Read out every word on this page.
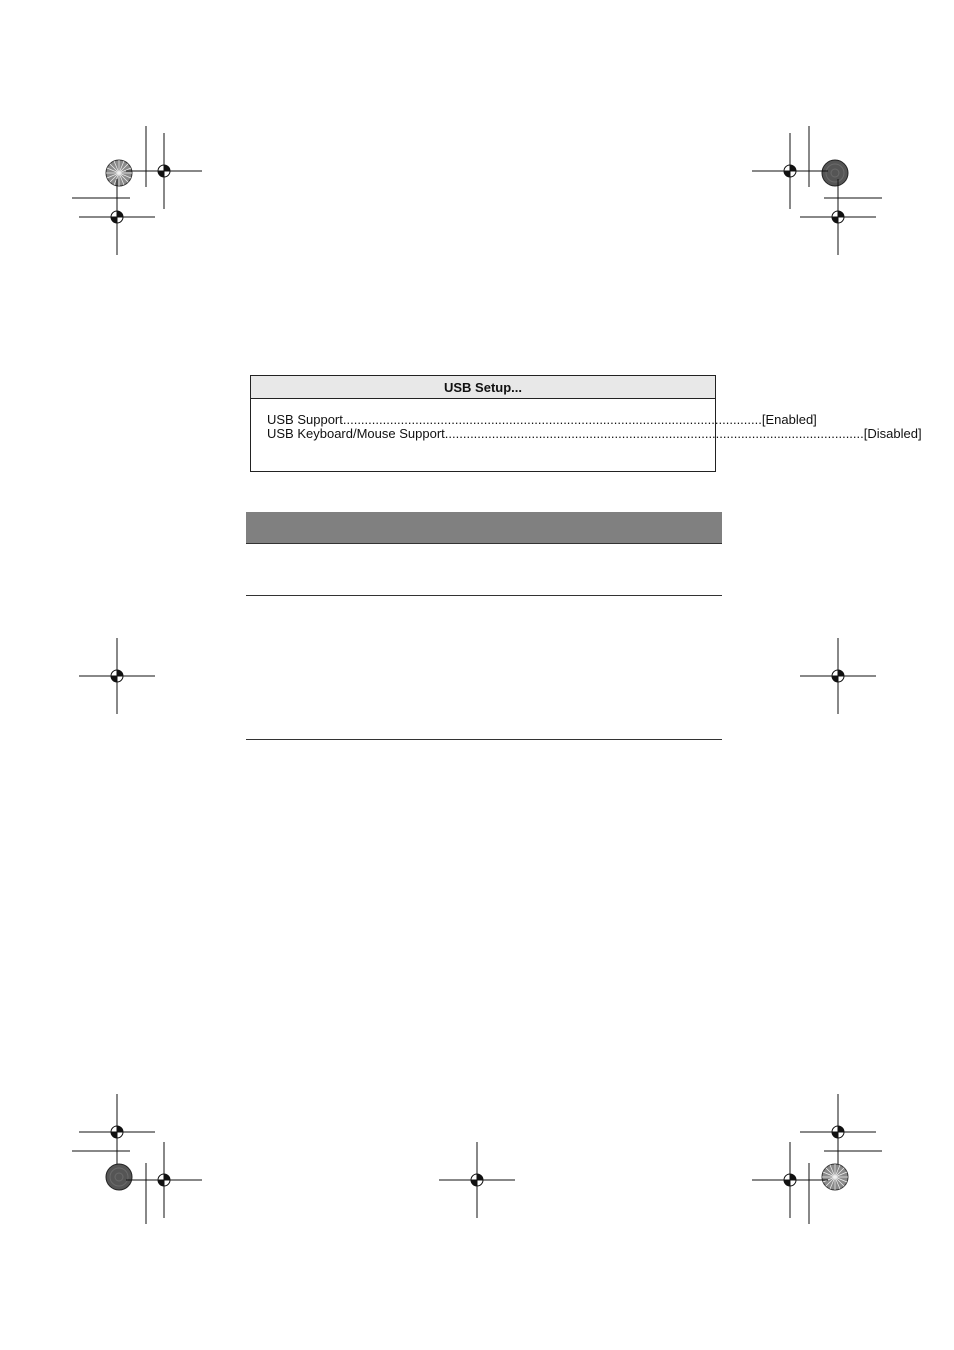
USB Setup...
USB Support .................................................................................................................... [Enabled]
USB Keyboard/Mouse Support .................................................................................................................... [Disabled]
